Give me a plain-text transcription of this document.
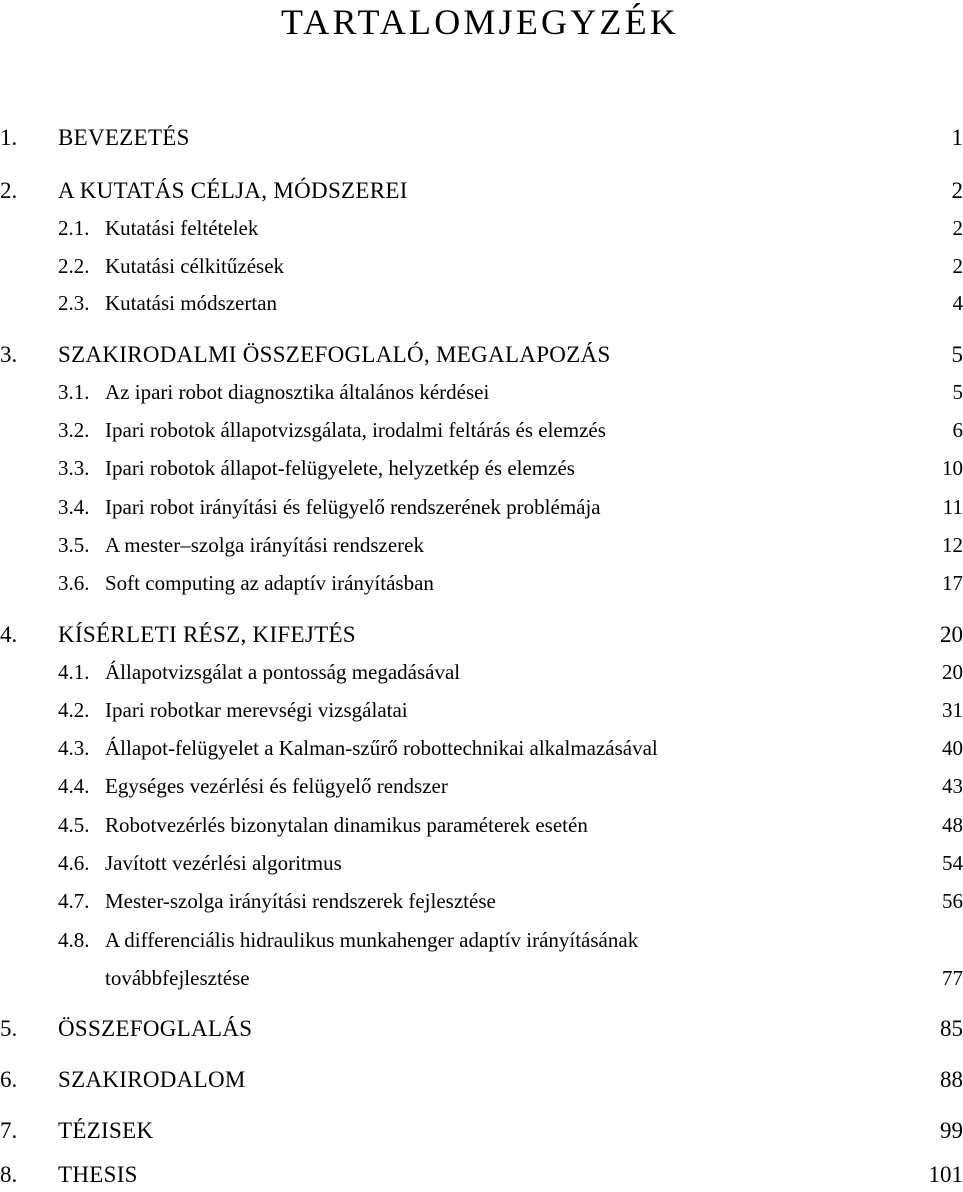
TARTALOMJEGYZÉK
1. BEVEZETÉS	1
2. A KUTATÁS CÉLJA, MÓDSZEREI	2
2.1. Kutatási feltételek	2
2.2. Kutatási célkitűzések	2
2.3. Kutatási módszertan	4
3. SZAKIRODALMI ÖSSZEFOGLALÓ, MEGALAPOZÁS	5
3.1. Az ipari robot diagnosztika általános kérdései	5
3.2. Ipari robotok állapotvizsgálata, irodalmi feltárás és elemzés	6
3.3. Ipari robotok állapot-felügyelete, helyzetkép és elemzés	10
3.4. Ipari robot irányítási és felügyelő rendszerének problémája	11
3.5. A mester–szolga irányítási rendszerek	12
3.6. Soft computing az adaptív irányításban	17
4. KÍSÉRLETI RÉSZ, KIFEJTÉS	20
4.1. Állapotvizsgálat a pontosság megadásával	20
4.2. Ipari robotkar merevségi vizsgálatai	31
4.3. Állapot-felügyelet a Kalman-szűrő robottechnikai alkalmazásával	40
4.4. Egységes vezérlési és felügyelő rendszer	43
4.5. Robotvezérlés bizonytalan dinamikus paraméterek esetén	48
4.6. Javított vezérlési algoritmus	54
4.7. Mester-szolga irányítási rendszerek fejlesztése	56
4.8. A differenciális hidraulikus munkahenger adaptív irányításának
továbbfejlesztése	77
5. ÖSSZEFOGLALÁS	85
6. SZAKIRODALOM	88
7. TÉZISEK	99
8. THESIS	101
